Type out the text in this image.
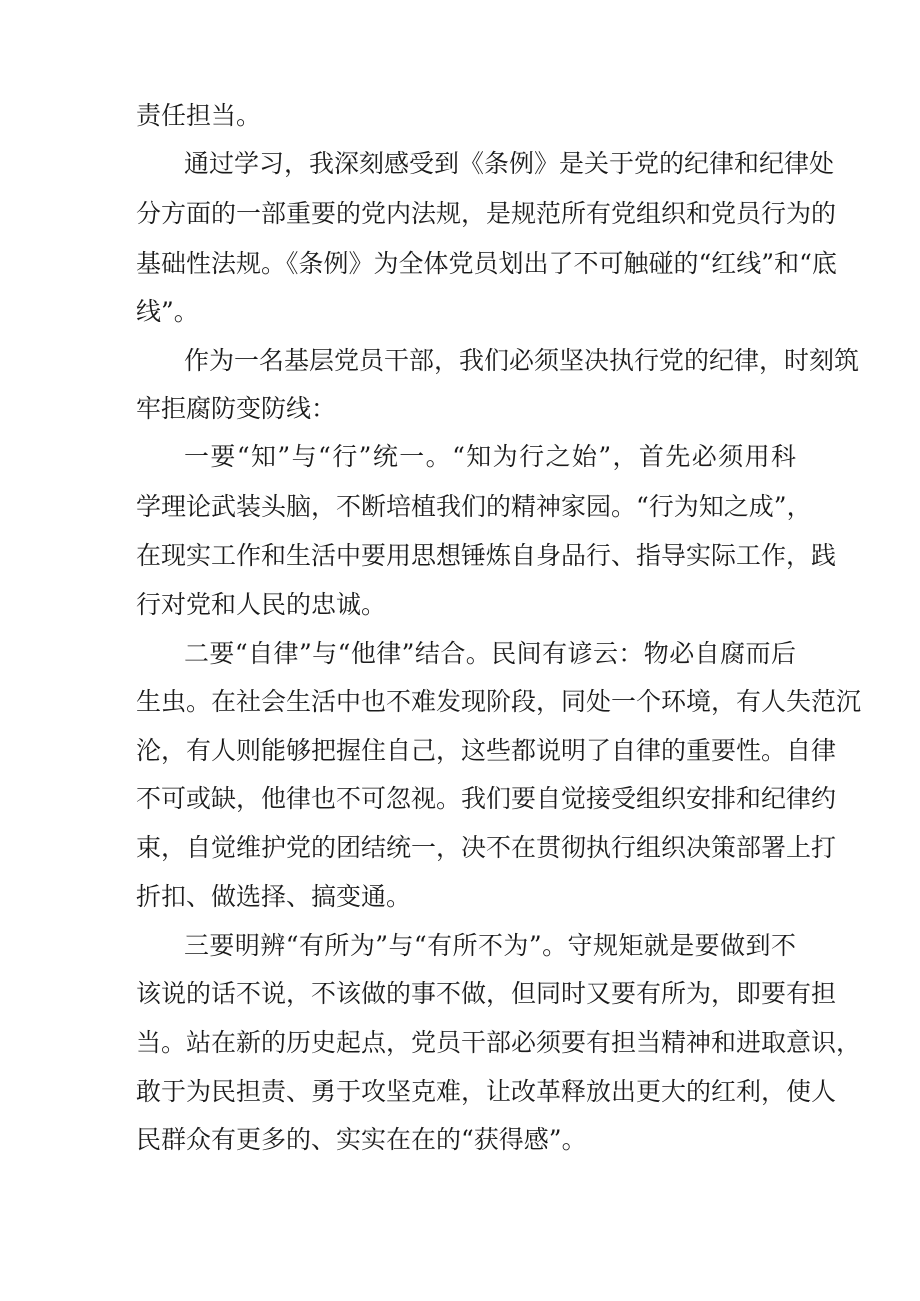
责任担当。
通过学习，我深刻感受到《条例》是关于党的纪律和纪律处
分方面的一部重要的党内法规，是规范所有党组织和党员行为的
基础性法规。《条例》为全体党员划出了不可触碰的“红线”和“底
线”。
作为一名基层党员干部，我们必须坚决执行党的纪律，时刻筑
牢拒腐防变防线：
一要“知”与“行”统一。“知为行之始”，首先必须用科
学理论武装头脑，不断培植我们的精神家园。“行为知之成”，
在现实工作和生活中要用思想锤炼自身品行、指导实际工作，践
行对党和人民的忠诚。
二要“自律”与“他律”结合。民间有谚云：物必自腐而后
生虫。在社会生活中也不难发现阶段，同处一个环境，有人失范沉
沦，有人则能够把握住自己，这些都说明了自律的重要性。自律
不可或缺，他律也不可忽视。我们要自觉接受组织安排和纪律约
束，自觉维护党的团结统一，决不在贯彻执行组织决策部署上打
折扣、做选择、搞变通。
三要明辨“有所为”与“有所不为”。守规矩就是要做到不
该说的话不说，不该做的事不做，但同时又要有所为，即要有担
当。站在新的历史起点，党员干部必须要有担当精神和进取意识，
敢于为民担责、勇于攻坚克难，让改革释放出更大的红利，使人
民群众有更多的、实实在在的“获得感”。
